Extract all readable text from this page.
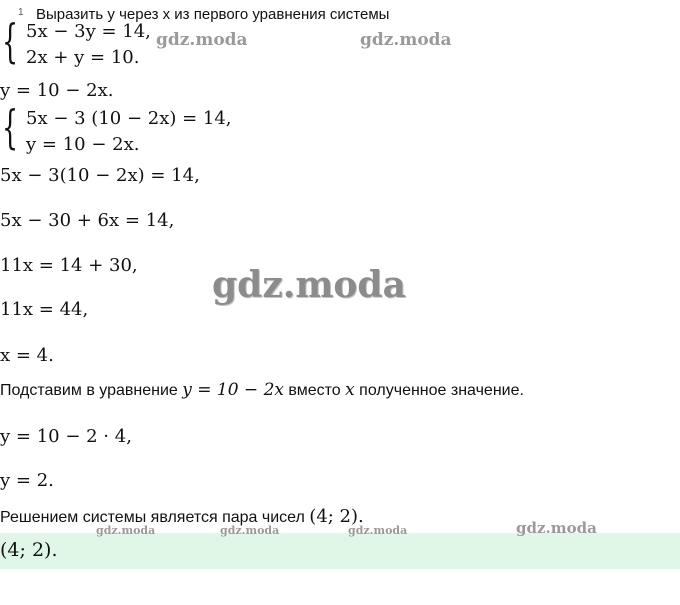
1 Выразить y через x из первого уравнения системы
{ 5x − 3y = 14,
2x + y = 10.
y = 10 − 2x.
{ 5x − 3 (10 − 2x) = 14,
y = 10 − 2x.
5x − 3(10 − 2x) = 14,
5x − 30 + 6x = 14,
11x = 14 + 30,
11x = 44,
x = 4.
Подставим в уравнение y = 10 − 2x вместо x полученное значение.
y = 10 − 2 · 4,
y = 2.
Решением системы является пара чисел (4; 2).
(4; 2).
gdz.moda	gdz.moda
gdz.moda
gdz.moda	gdz.moda	gdz.moda	gdz.moda
